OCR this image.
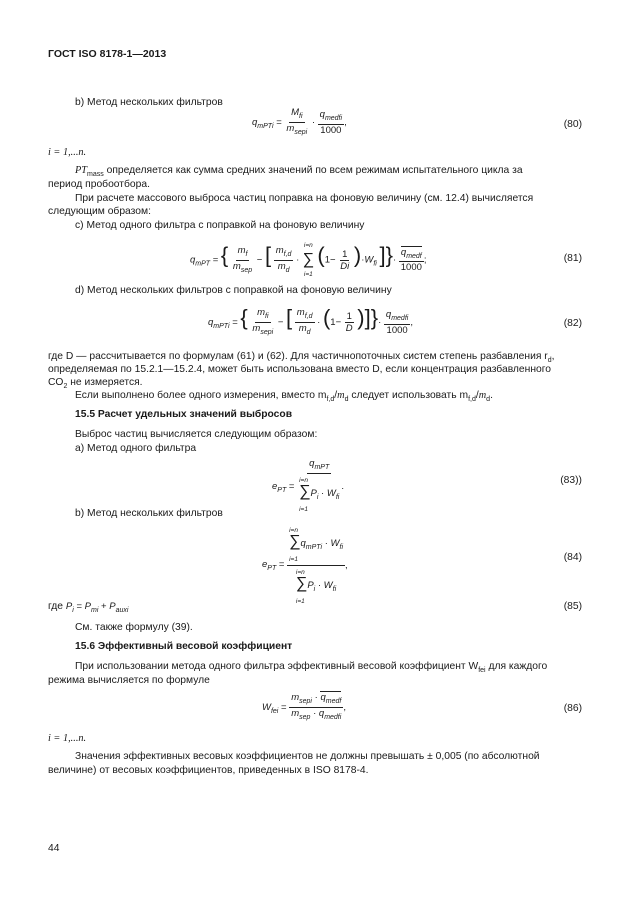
ГОСТ ISO 8178-1—2013
b) Метод нескольких фильтров
$q_{mPTi} = \frac{M_{fi}}{m_{sepi}} \cdot \frac{q_{medfi}}{1000}$ ,	(80)
i = 1,...n.
$PT_{mass}$ определяется как сумма средних значений по всем режимам испытательного цикла за
период пробоотбора.
При расчете массового выброса частиц поправка на фоновую величину (см. 12.4) вычисляется
следующим образом:
c) Метод одного фильтра с поправкой на фоновую величину
$q_{mPT}$ = { $\frac{m_f}{m_{sep}}$ − [ $\frac{m_{f,d}}{m_d}$ ·
i=n
∑
i=1
$(1- \frac{1}{Di} )\cdot W_{fi}$ ]}· $\frac{q_{medf}}{1000}$ ;	(81)
d) Метод нескольких фильтров с поправкой на фоновую величину
$q_{mPTi}$ = { $\frac{m_{fi}}{m_{sepi}}$ − [ $\frac{m_{f,d}}{m_d} \cdot (1- \frac{1}{D}$ )]}· $\frac{q_{medfi}}{1000}$ ,	(82)
где D — рассчитывается по формулам (61) и (62). Для частичнопоточных систем степень разбавления $r_d$,
определяемая по 15.2.1—15.2.4, может быть использована вместо D, если концентрация разбавленного
$CO_2$ не измеряется.
Если выполнено более одного измерения, вместо $m_{f,d}/m_d$ следует использовать $m_{f,d}/m_d$.
15.5 Расчет удельных значений выбросов
Выброс частиц вычисляется следующим образом:
а) Метод одного фильтра
$e_{PT}$ =
$q_{mPT}$
i=n
$\sum P_i \cdot W_{fi}$
i=1
.
(83))
b) Метод нескольких фильтров
$e_{PT}$ =
i=n
$\sum q_{mPTi} \cdot W_{fi}$
i=1
i=n
$\sum P_i \cdot W_{fi}$
i=1
,
(84)
где $P_i = P_{mi} + P_{auxi}$	(85)
См. также формулу (39).
15.6 Эффективный весовой коэффициент
При использовании метода одного фильтра эффективный весовой коэффициент $W_{fei}$ для каждого
режима вычисляется по формуле
$W_{fei} = \frac{m_{sepi} \cdot q_{medf}}{m_{sep} \cdot q_{medfi}}$ ,	(86)
i = 1,...n.
Значения эффективных весовых коэффициентов не должны превышать ± 0,005 (по абсолютной
величине) от весовых коэффициентов, приведенных в ISO 8178-4.
44
